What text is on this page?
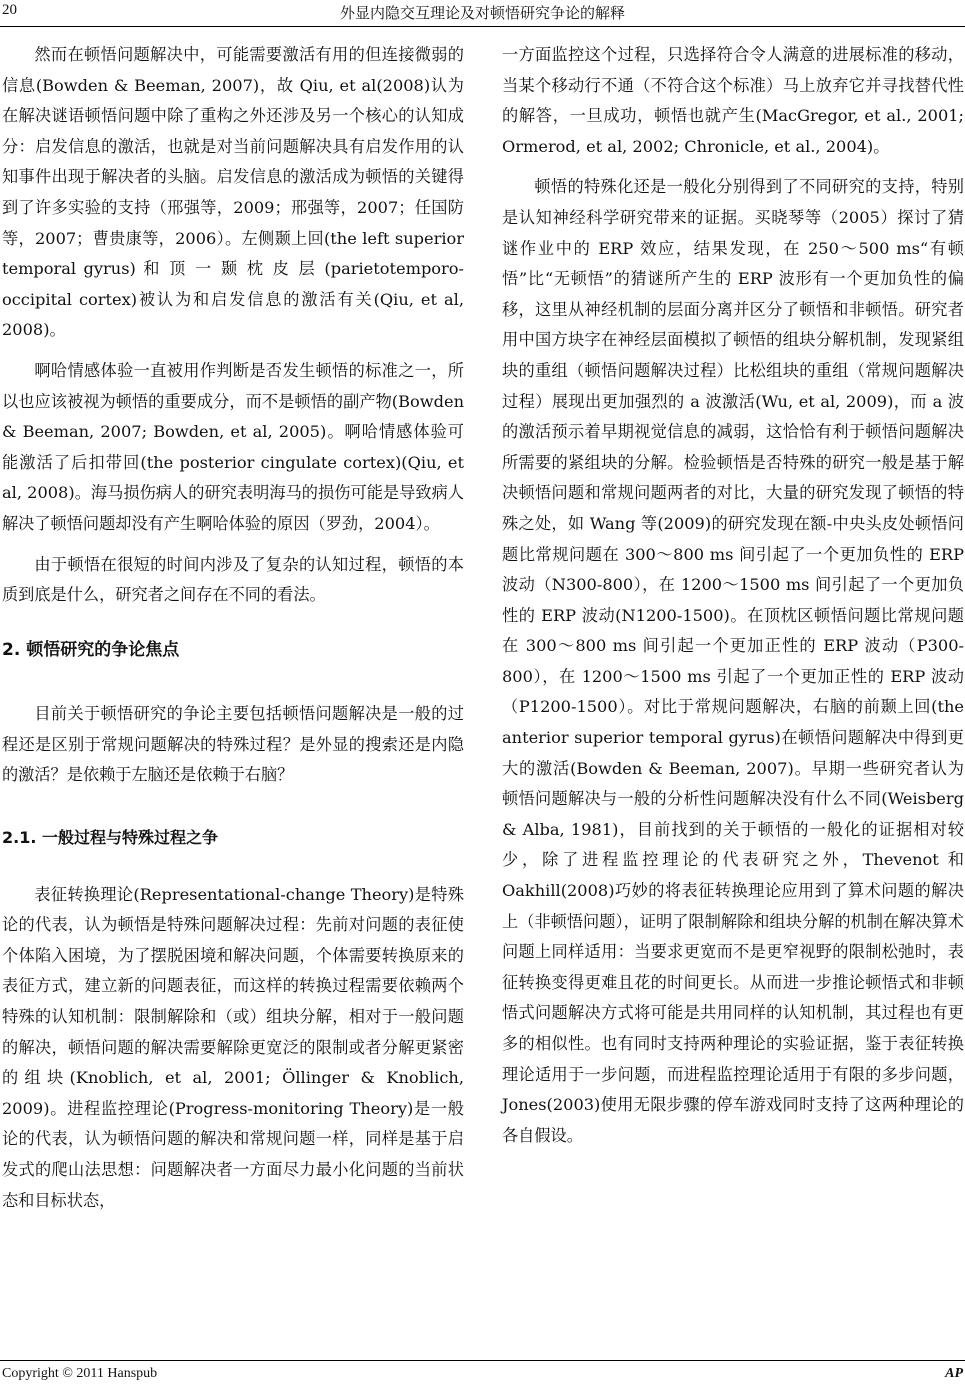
20	外显内隐交互理论及对顿悟研究争论的解释

然而在顿悟问题解决中，可能需要激活有用的但连接微弱的信息(Bowden & Beeman, 2007)，故 Qiu, et al(2008)认为在解决谜语顿悟问题中除了重构之外还涉及另一个核心的认知成分：启发信息的激活，也就是对当前问题解决具有启发作用的认知事件出现于解决者的头脑。启发信息的激活成为顿悟的关键得到了许多实验的支持（邢强等，2009；邢强等，2007；任国防等，2007；曹贵康等，2006）。左侧颞上回(the left superior temporal gyrus) 和 顶 一 颞 枕 皮 层 (parietotemporo-occipital cortex)被认为和启发信息的激活有关(Qiu, et al, 2008)。

啊哈情感体验一直被用作判断是否发生顿悟的标准之一，所以也应该被视为顿悟的重要成分，而不是顿悟的副产物(Bowden & Beeman, 2007; Bowden, et al, 2005)。啊哈情感体验可能激活了后扣带回(the posterior cingulate cortex)(Qiu, et al, 2008)。海马损伤病人的研究表明海马的损伤可能是导致病人解决了顿悟问题却没有产生啊哈体验的原因（罗劲，2004）。

由于顿悟在很短的时间内涉及了复杂的认知过程，顿悟的本质到底是什么，研究者之间存在不同的看法。

2. 顿悟研究的争论焦点

目前关于顿悟研究的争论主要包括顿悟问题解决是一般的过程还是区别于常规问题解决的特殊过程？是外显的搜索还是内隐的激活？是依赖于左脑还是依赖于右脑？

2.1. 一般过程与特殊过程之争

表征转换理论(Representational-change Theory)是特殊论的代表，认为顿悟是特殊问题解决过程：先前对问题的表征使个体陷入困境，为了摆脱困境和解决问题，个体需要转换原来的表征方式，建立新的问题表征，而这样的转换过程需要依赖两个特殊的认知机制：限制解除和（或）组块分解，相对于一般问题的解决，顿悟问题的解决需要解除更宽泛的限制或者分解更紧密的组块(Knoblich, et al, 2001; Öllinger & Knoblich, 2009)。进程监控理论(Progress-monitoring Theory)是一般论的代表，认为顿悟问题的解决和常规问题一样，同样是基于启发式的爬山法思想：问题解决者一方面尽力最小化问题的当前状态和目标状态，

一方面监控这个过程，只选择符合令人满意的进展标准的移动，当某个移动行不通（不符合这个标准）马上放弃它并寻找替代性的解答，一旦成功，顿悟也就产生(MacGregor, et al., 2001; Ormerod, et al, 2002; Chronicle, et al., 2004)。

顿悟的特殊化还是一般化分别得到了不同研究的支持，特别是认知神经科学研究带来的证据。买晓琴等（2005）探讨了猜谜作业中的 ERP 效应，结果发现，在 250～500 ms“有顿悟”比“无顿悟”的猜谜所产生的 ERP 波形有一个更加负性的偏移，这里从神经机制的层面分离并区分了顿悟和非顿悟。研究者用中国方块字在神经层面模拟了顿悟的组块分解机制，发现紧组块的重组（顿悟问题解决过程）比松组块的重组（常规问题解决过程）展现出更加强烈的 a 波激活(Wu, et al, 2009)，而 a 波的激活预示着早期视觉信息的减弱，这恰恰有利于顿悟问题解决所需要的紧组块的分解。检验顿悟是否特殊的研究一般是基于解决顿悟问题和常规问题两者的对比，大量的研究发现了顿悟的特殊之处，如 Wang 等(2009)的研究发现在额-中央头皮处顿悟问题比常规问题在 300～800 ms 间引起了一个更加负性的 ERP 波动（N300-800），在 1200～1500 ms 间引起了一个更加负性的 ERP 波动(N1200-1500)。在顶枕区顿悟问题比常规问题在 300～800 ms 间引起一个更加正性的 ERP 波动（P300-800），在 1200～1500 ms 引起了一个更加正性的 ERP 波动（P1200-1500）。对比于常规问题解决，右脑的前颞上回(the anterior superior temporal gyrus)在顿悟问题解决中得到更大的激活(Bowden & Beeman, 2007)。早期一些研究者认为顿悟问题解决与一般的分析性问题解决没有什么不同(Weisberg & Alba, 1981)，目前找到的关于顿悟的一般化的证据相对较少，除了进程监控理论的代表研究之外，Thevenot 和 Oakhill(2008)巧妙的将表征转换理论应用到了算术问题的解决上（非顿悟问题），证明了限制解除和组块分解的机制在解决算术问题上同样适用：当要求更宽而不是更窄视野的限制松弛时，表征转换变得更难且花的时间更长。从而进一步推论顿悟式和非顿悟式问题解决方式将可能是共用同样的认知机制，其过程也有更多的相似性。也有同时支持两种理论的实验证据，鉴于表征转换理论适用于一步问题，而进程监控理论适用于有限的多步问题，Jones(2003)使用无限步骤的停车游戏同时支持了这两种理论的各自假设。

Copyright © 2011 Hanspub	AP
